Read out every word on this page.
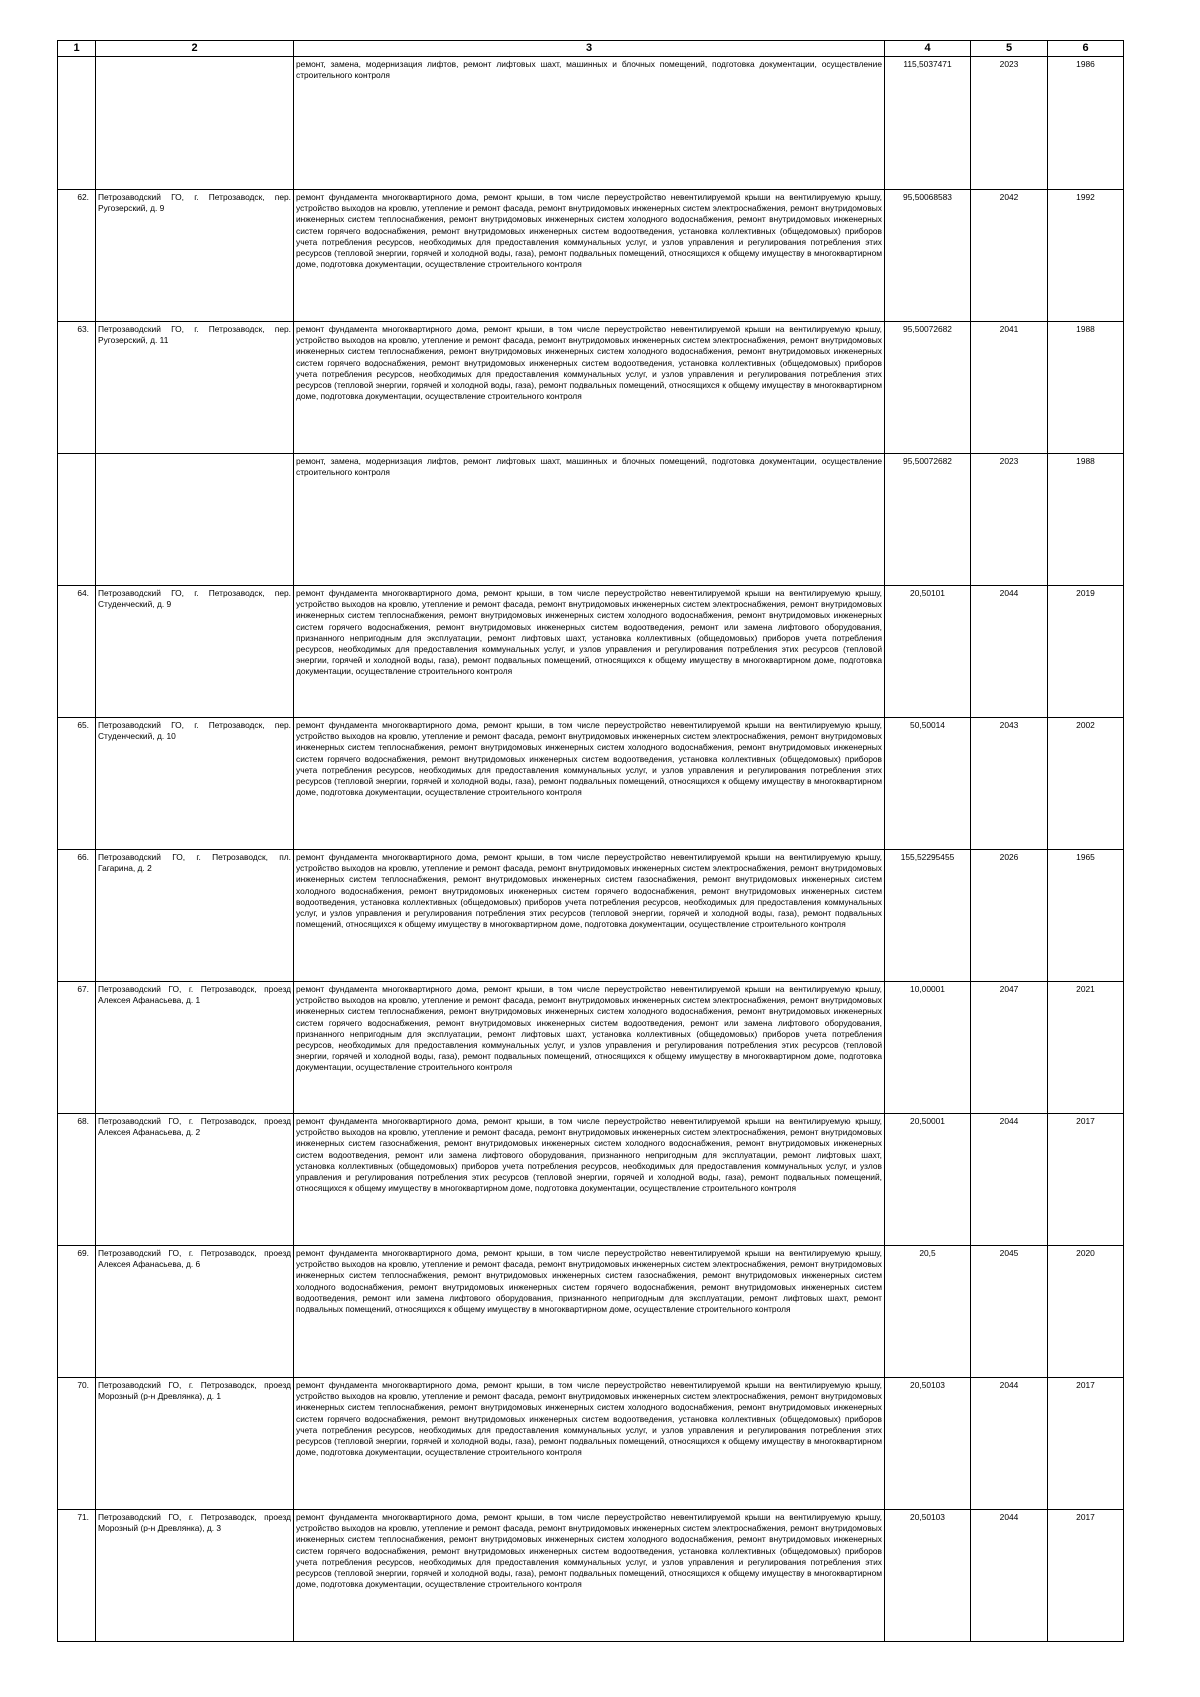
1	2	3	4	5	6
		ремонт, замена, модернизация лифтов, ремонт лифтовых шахт, машинных и блочных помещений, подготовка документации, осуществление строительного контроля	115,5037471	2023	1986
62.	Петрозаводский ГО, г. Петрозаводск, пер. Ругозерский, д. 9	ремонт фундамента многоквартирного дома, ремонт крыши, в том числе переустройство невентилируемой крыши на вентилируемую крышу, устройство выходов на кровлю, утепление и ремонт фасада, ремонт внутридомовых инженерных систем электроснабжения, ремонт внутридомовых инженерных систем теплоснабжения, ремонт внутридомовых инженерных систем холодного водоснабжения, ремонт внутридомовых инженерных систем горячего водоснабжения, ремонт внутридомовых инженерных систем водоотведения, установка коллективных (общедомовых) приборов учета потребления ресурсов, необходимых для предоставления коммунальных услуг, и узлов управления и регулирования потребления этих ресурсов (тепловой энергии, горячей и холодной воды, газа), ремонт подвальных помещений, относящихся к общему имуществу в многоквартирном доме, подготовка документации, осуществление строительного контроля	95,50068583	2042	1992
63.	Петрозаводский ГО, г. Петрозаводск, пер. Ругозерский, д. 11	ремонт фундамента многоквартирного дома, ремонт крыши, в том числе переустройство невентилируемой крыши на вентилируемую крышу, устройство выходов на кровлю, утепление и ремонт фасада, ремонт внутридомовых инженерных систем электроснабжения, ремонт внутридомовых инженерных систем теплоснабжения, ремонт внутридомовых инженерных систем холодного водоснабжения, ремонт внутридомовых инженерных систем горячего водоснабжения, ремонт внутридомовых инженерных систем водоотведения, установка коллективных (общедомовых) приборов учета потребления ресурсов, необходимых для предоставления коммунальных услуг, и узлов управления и регулирования потребления этих ресурсов (тепловой энергии, горячей и холодной воды, газа), ремонт подвальных помещений, относящихся к общему имуществу в многоквартирном доме, подготовка документации, осуществление строительного контроля	95,50072682	2041	1988
		ремонт, замена, модернизация лифтов, ремонт лифтовых шахт, машинных и блочных помещений, подготовка документации, осуществление строительного контроля	95,50072682	2023	1988
64.	Петрозаводский ГО, г. Петрозаводск, пер. Студенческий, д. 9	ремонт фундамента многоквартирного дома, ремонт крыши, в том числе переустройство невентилируемой крыши на вентилируемую крышу, устройство выходов на кровлю, утепление и ремонт фасада, ремонт внутридомовых инженерных систем электроснабжения, ремонт внутридомовых инженерных систем теплоснабжения, ремонт внутридомовых инженерных систем холодного водоснабжения, ремонт внутридомовых инженерных систем горячего водоснабжения, ремонт внутридомовых инженерных систем водоотведения, ремонт или замена лифтового оборудования, признанного непригодным для эксплуатации, ремонт лифтовых шахт, установка коллективных (общедомовых) приборов учета потребления ресурсов, необходимых для предоставления коммунальных услуг, и узлов управления и регулирования потребления этих ресурсов (тепловой энергии, горячей и холодной воды, газа), ремонт подвальных помещений, относящихся к общему имуществу в многоквартирном доме, подготовка документации, осуществление строительного контроля	20,50101	2044	2019
65.	Петрозаводский ГО, г. Петрозаводск, пер. Студенческий, д. 10	ремонт фундамента многоквартирного дома, ремонт крыши, в том числе переустройство невентилируемой крыши на вентилируемую крышу, устройство выходов на кровлю, утепление и ремонт фасада, ремонт внутридомовых инженерных систем электроснабжения, ремонт внутридомовых инженерных систем теплоснабжения, ремонт внутридомовых инженерных систем холодного водоснабжения, ремонт внутридомовых инженерных систем горячего водоснабжения, ремонт внутридомовых инженерных систем водоотведения, установка коллективных (общедомовых) приборов учета потребления ресурсов, необходимых для предоставления коммунальных услуг, и узлов управления и регулирования потребления этих ресурсов (тепловой энергии, горячей и холодной воды, газа), ремонт подвальных помещений, относящихся к общему имуществу в многоквартирном доме, подготовка документации, осуществление строительного контроля	50,50014	2043	2002
66.	Петрозаводский ГО, г. Петрозаводск, пл. Гагарина, д. 2	ремонт фундамента многоквартирного дома, ремонт крыши, в том числе переустройство невентилируемой крыши на вентилируемую крышу, устройство выходов на кровлю, утепление и ремонт фасада, ремонт внутридомовых инженерных систем электроснабжения, ремонт внутридомовых инженерных систем теплоснабжения, ремонт внутридомовых инженерных систем газоснабжения, ремонт внутридомовых инженерных систем холодного водоснабжения, ремонт внутридомовых инженерных систем горячего водоснабжения, ремонт внутридомовых инженерных систем водоотведения, установка коллективных (общедомовых) приборов учета потребления ресурсов, необходимых для предоставления коммунальных услуг, и узлов управления и регулирования потребления этих ресурсов (тепловой энергии, горячей и холодной воды, газа), ремонт подвальных помещений, относящихся к общему имуществу в многоквартирном доме, подготовка документации, осуществление строительного контроля	155,52295455	2026	1965
67.	Петрозаводский ГО, г. Петрозаводск, проезд Алексея Афанасьева, д. 1	ремонт фундамента многоквартирного дома, ремонт крыши, в том числе переустройство невентилируемой крыши на вентилируемую крышу, устройство выходов на кровлю, утепление и ремонт фасада, ремонт внутридомовых инженерных систем электроснабжения, ремонт внутридомовых инженерных систем теплоснабжения, ремонт внутридомовых инженерных систем холодного водоснабжения, ремонт внутридомовых инженерных систем горячего водоснабжения, ремонт внутридомовых инженерных систем водоотведения, ремонт или замена лифтового оборудования, признанного непригодным для эксплуатации, ремонт лифтовых шахт, установка коллективных (общедомовых) приборов учета потребления ресурсов, необходимых для предоставления коммунальных услуг, и узлов управления и регулирования потребления этих ресурсов (тепловой энергии, горячей и холодной воды, газа), ремонт подвальных помещений, относящихся к общему имуществу в многоквартирном доме, подготовка документации, осуществление строительного контроля	10,00001	2047	2021
68.	Петрозаводский ГО, г. Петрозаводск, проезд Алексея Афанасьева, д. 2	ремонт фундамента многоквартирного дома, ремонт крыши, в том числе переустройство невентилируемой крыши на вентилируемую крышу, устройство выходов на кровлю, утепление и ремонт фасада, ремонт внутридомовых инженерных систем электроснабжения, ремонт внутридомовых инженерных систем газоснабжения, ремонт внутридомовых инженерных систем холодного водоснабжения, ремонт внутридомовых инженерных систем водоотведения, ремонт или замена лифтового оборудования, признанного непригодным для эксплуатации, ремонт лифтовых шахт, установка коллективных (общедомовых) приборов учета потребления ресурсов, необходимых для предоставления коммунальных услуг, и узлов управления и регулирования потребления этих ресурсов (тепловой энергии, горячей и холодной воды, газа), ремонт подвальных помещений, относящихся к общему имуществу в многоквартирном доме, подготовка документации, осуществление строительного контроля	20,50001	2044	2017
69.	Петрозаводский ГО, г. Петрозаводск, проезд Алексея Афанасьева, д. 6	ремонт фундамента многоквартирного дома, ремонт крыши, в том числе переустройство невентилируемой крыши на вентилируемую крышу, устройство выходов на кровлю, утепление и ремонт фасада, ремонт внутридомовых инженерных систем электроснабжения, ремонт внутридомовых инженерных систем теплоснабжения, ремонт внутридомовых инженерных систем газоснабжения, ремонт внутридомовых инженерных систем холодного водоснабжения, ремонт внутридомовых инженерных систем горячего водоснабжения, ремонт внутридомовых инженерных систем водоотведения, ремонт или замена лифтового оборудования, признанного непригодным для эксплуатации, ремонт лифтовых шахт, ремонт подвальных помещений, относящихся к общему имуществу в многоквартирном доме, осуществление строительного контроля	20,5	2045	2020
70.	Петрозаводский ГО, г. Петрозаводск, проезд Морозный (р-н Древлянка), д. 1	ремонт фундамента многоквартирного дома, ремонт крыши, в том числе переустройство невентилируемой крыши на вентилируемую крышу, устройство выходов на кровлю, утепление и ремонт фасада, ремонт внутридомовых инженерных систем электроснабжения, ремонт внутридомовых инженерных систем теплоснабжения, ремонт внутридомовых инженерных систем холодного водоснабжения, ремонт внутридомовых инженерных систем горячего водоснабжения, ремонт внутридомовых инженерных систем водоотведения, установка коллективных (общедомовых) приборов учета потребления ресурсов, необходимых для предоставления коммунальных услуг, и узлов управления и регулирования потребления этих ресурсов (тепловой энергии, горячей и холодной воды, газа), ремонт подвальных помещений, относящихся к общему имуществу в многоквартирном доме, подготовка документации, осуществление строительного контроля	20,50103	2044	2017
71.	Петрозаводский ГО, г. Петрозаводск, проезд Морозный (р-н Древлянка), д. 3	ремонт фундамента многоквартирного дома, ремонт крыши, в том числе переустройство невентилируемой крыши на вентилируемую крышу, устройство выходов на кровлю, утепление и ремонт фасада, ремонт внутридомовых инженерных систем электроснабжения, ремонт внутридомовых инженерных систем теплоснабжения, ремонт внутридомовых инженерных систем холодного водоснабжения, ремонт внутридомовых инженерных систем горячего водоснабжения, ремонт внутридомовых инженерных систем водоотведения, установка коллективных (общедомовых) приборов учета потребления ресурсов, необходимых для предоставления коммунальных услуг, и узлов управления и регулирования потребления этих ресурсов (тепловой энергии, горячей и холодной воды, газа), ремонт подвальных помещений, относящихся к общему имуществу в многоквартирном доме, подготовка документации, осуществление строительного контроля	20,50103	2044	2017
